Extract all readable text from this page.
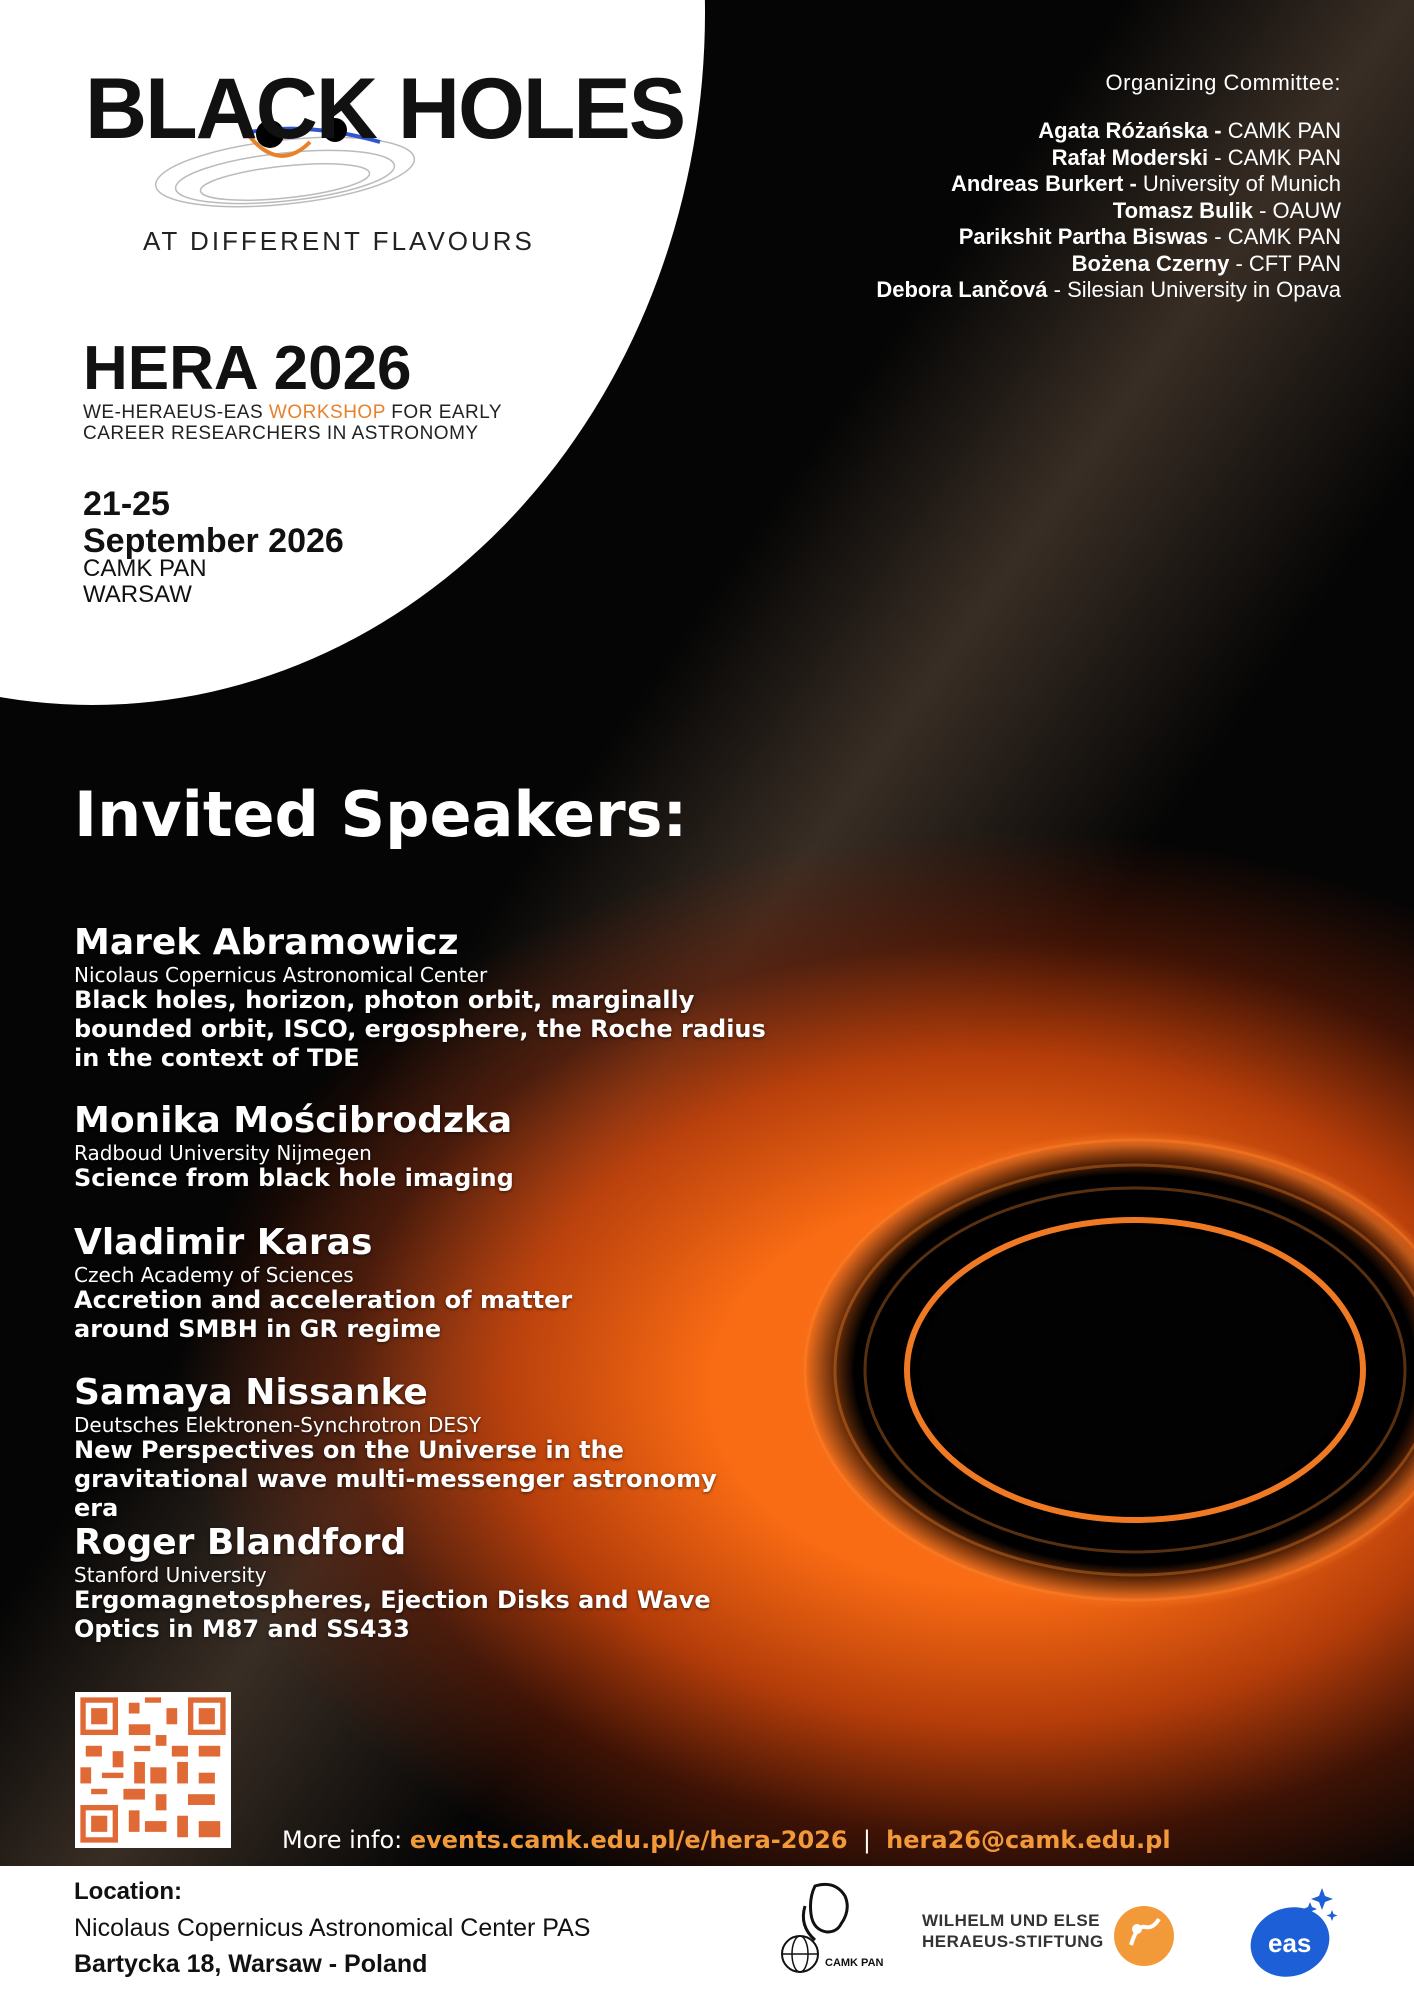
BLACK HOLES
AT DIFFERENT FLAVOURS
HERA 2026
WE-HERAEUS-EAS WORKSHOP FOR EARLY
CAREER RESEARCHERS IN ASTRONOMY
21-25
September 2026
CAMK PAN
WARSAW
Organizing Committee:
Agata Różańska - CAMK PAN
Rafał Moderski - CAMK PAN
Andreas Burkert - University of Munich
Tomasz Bulik - OAUW
Parikshit Partha Biswas - CAMK PAN
Bożena Czerny - CFT PAN
Debora Lančová - Silesian University in Opava
Invited Speakers:
Marek Abramowicz
Nicolaus Copernicus Astronomical Center
Black holes, horizon, photon orbit, marginally bounded orbit, ISCO, ergosphere, the Roche radius in the context of TDE
Monika Mościbrodzka
Radboud University Nijmegen
Science from black hole imaging
Vladimir Karas
Czech Academy of Sciences
Accretion and acceleration of matter around SMBH in GR regime
Samaya Nissanke
Deutsches Elektronen-Synchrotron DESY
New Perspectives on the Universe in the gravitational wave multi-messenger astronomy era
Roger Blandford
Stanford University
Ergomagnetospheres, Ejection Disks and Wave Optics in M87 and SS433
More info: events.camk.edu.pl/e/hera-2026  |  hera26@camk.edu.pl
Location:
Nicolaus Copernicus Astronomical Center PAS
Bartycka 18, Warsaw - Poland	CAMK PAN
WILHELM UND ELSE
HERAEUS-STIFTUNG	eas
